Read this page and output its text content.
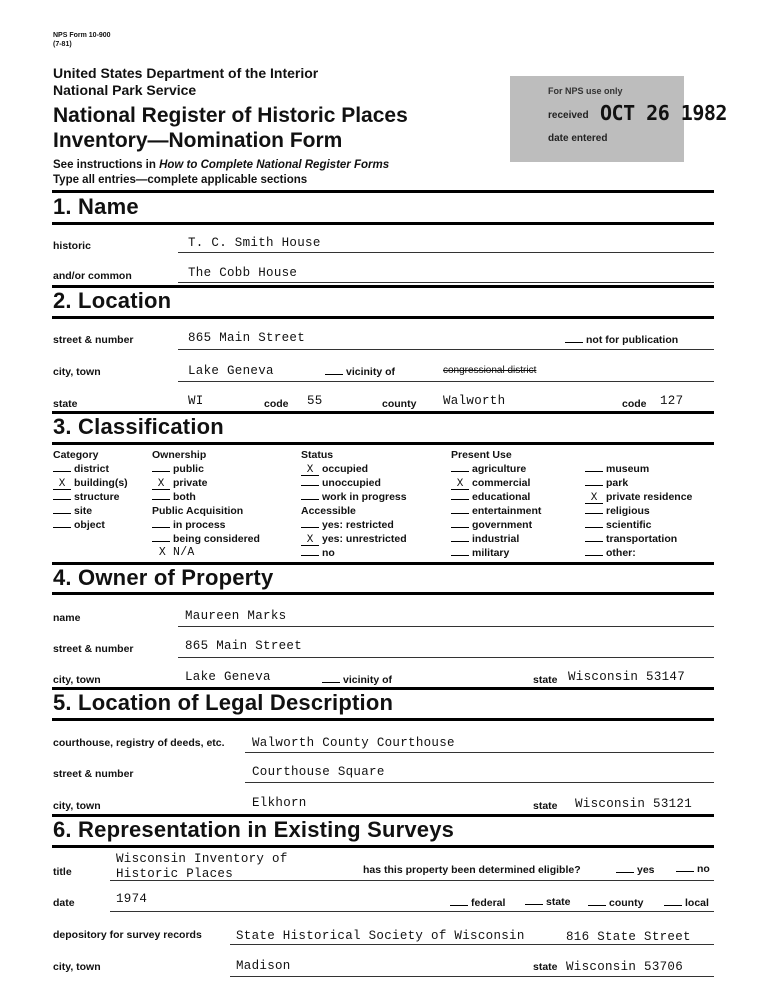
NPS Form 10-900
(7-81)
United States Department of the Interior
National Park Service
National Register of Historic Places
Inventory—Nomination Form
See instructions in How to Complete National Register Forms
Type all entries—complete applicable sections
For NPS use only
received OCT 26 1982
date entered
1. Name
historic	T. C. Smith House
and/or common	The Cobb House
2. Location
street & number	865 Main Street	not for publication
city, town	Lake Geneva	vicinity of	congressional district
state	WI	code 55	county Walworth	code 127
3. Classification
Category
district
X building(s)
structure
site
object
Ownership
public
X private
both
Public Acquisition
in process
being considered
X N/A
Status
X occupied
unoccupied
work in progress
Accessible
yes: restricted
X yes: unrestricted
no
Present Use
agriculture
X commercial
educational
entertainment
government
industrial
military
museum
park
X private residence
religious
scientific
transportation
other:
4. Owner of Property
name	Maureen Marks
street & number	865 Main Street
city, town	Lake Geneva	vicinity of	state Wisconsin 53147
5. Location of Legal Description
courthouse, registry of deeds, etc. Walworth County Courthouse
street & number	Courthouse Square
city, town	Elkhorn	state Wisconsin 53121
6. Representation in Existing Surveys
title
Wisconsin Inventory of
Historic Places	has this property been determined eligible?	yes	no
date	1974	federal	state	county	local
depository for survey records	State Historical Society of Wisconsin	816 State Street
city, town	Madison	state Wisconsin 53706
